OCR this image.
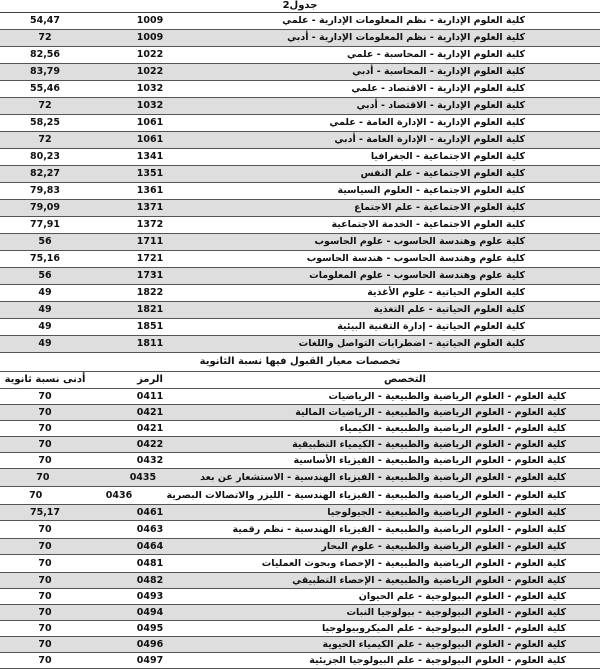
جدول2
54,47	1009	كلية العلوم الإدارية - نظم المعلومات الإدارية - علمي
72	1009	كلية العلوم الإدارية - نظم المعلومات الإدارية - أدبي
82,56	1022	كلية العلوم الإدارية - المحاسبة - علمي
83,79	1022	كلية العلوم الإدارية - المحاسبة - أدبي
55,46	1032	كلية العلوم الإدارية - الاقتصاد - علمي
72	1032	كلية العلوم الإدارية - الاقتصاد - أدبي
58,25	1061	كلية العلوم الإدارية - الإدارة العامة - علمي
72	1061	كلية العلوم الإدارية - الإدارة العامة - أدبي
80,23	1341	كلية العلوم الاجتماعية - الجغرافيا
82,27	1351	كلية العلوم الاجتماعية - علم النفس
79,83	1361	كلية العلوم الاجتماعية - العلوم السياسية
79,09	1371	كلية العلوم الاجتماعية - علم الاجتماع
77,91	1372	كلية العلوم الاجتماعية - الخدمة الاجتماعية
56	1711	كلية علوم وهندسة الحاسوب - علوم الحاسوب
75,16	1721	كلية علوم وهندسة الحاسوب - هندسة الحاسوب
56	1731	كلية علوم وهندسة الحاسوب - علوم المعلومات
49	1822	كلية العلوم الحياتية - علوم الأغذية
49	1821	كلية العلوم الحياتية - علم التغذية
49	1851	كلية العلوم الحياتية - إدارة التقنية البيئية
49	1811	كلية العلوم الحياتية - اضطرابات التواصل واللغات
تخصصات معيار القبول فيها نسبة الثانوية
أدنى نسبة ثانوية	الرمز	التخصص
70	0411	كلية العلوم - العلوم الرياضية والطبيعية - الرياضيات
70	0421	كلية العلوم - العلوم الرياضية والطبيعية - الرياضيات المالية
70	0421	كلية العلوم - العلوم الرياضية والطبيعية - الكيمياء
70	0422	كلية العلوم - العلوم الرياضية والطبيعية - الكيمياء التطبيقية
70	0432	كلية العلوم - العلوم الرياضية والطبيعية - الفيزياء الأساسية
70	0435	كلية العلوم - العلوم الرياضية والطبيعية - الفيزياء الهندسية - الاستشعار عن بعد
70	0436	كلية العلوم - العلوم الرياضية والطبيعية - الفيزياء الهندسية - الليزر والاتصالات البصرية
75,17	0461	كلية العلوم - العلوم الرياضية والطبيعية - الجيولوجيا
70	0463	كلية العلوم - العلوم الرياضية والطبيعية - الفيزياء الهندسية - نظم رقمية
70	0464	كلية العلوم - العلوم الرياضية والطبيعية - علوم البحار
70	0481	كلية العلوم - العلوم الرياضية والطبيعية - الإحصاء وبحوث العمليات
70	0482	كلية العلوم - العلوم الرياضية والطبيعية - الإحصاء التطبيقي
70	0493	كلية العلوم - العلوم البيولوجية - علم الحيوان
70	0494	كلية العلوم - العلوم البيولوجية - بيولوجيا النبات
70	0495	كلية العلوم - العلوم البيولوجية - علم الميكروبيولوجيا
70	0496	كلية العلوم - العلوم البيولوجية - علم الكيمياء الحيوية
70	0497	كلية العلوم - العلوم البيولوجية - علم البيولوجيا الجزيئية
